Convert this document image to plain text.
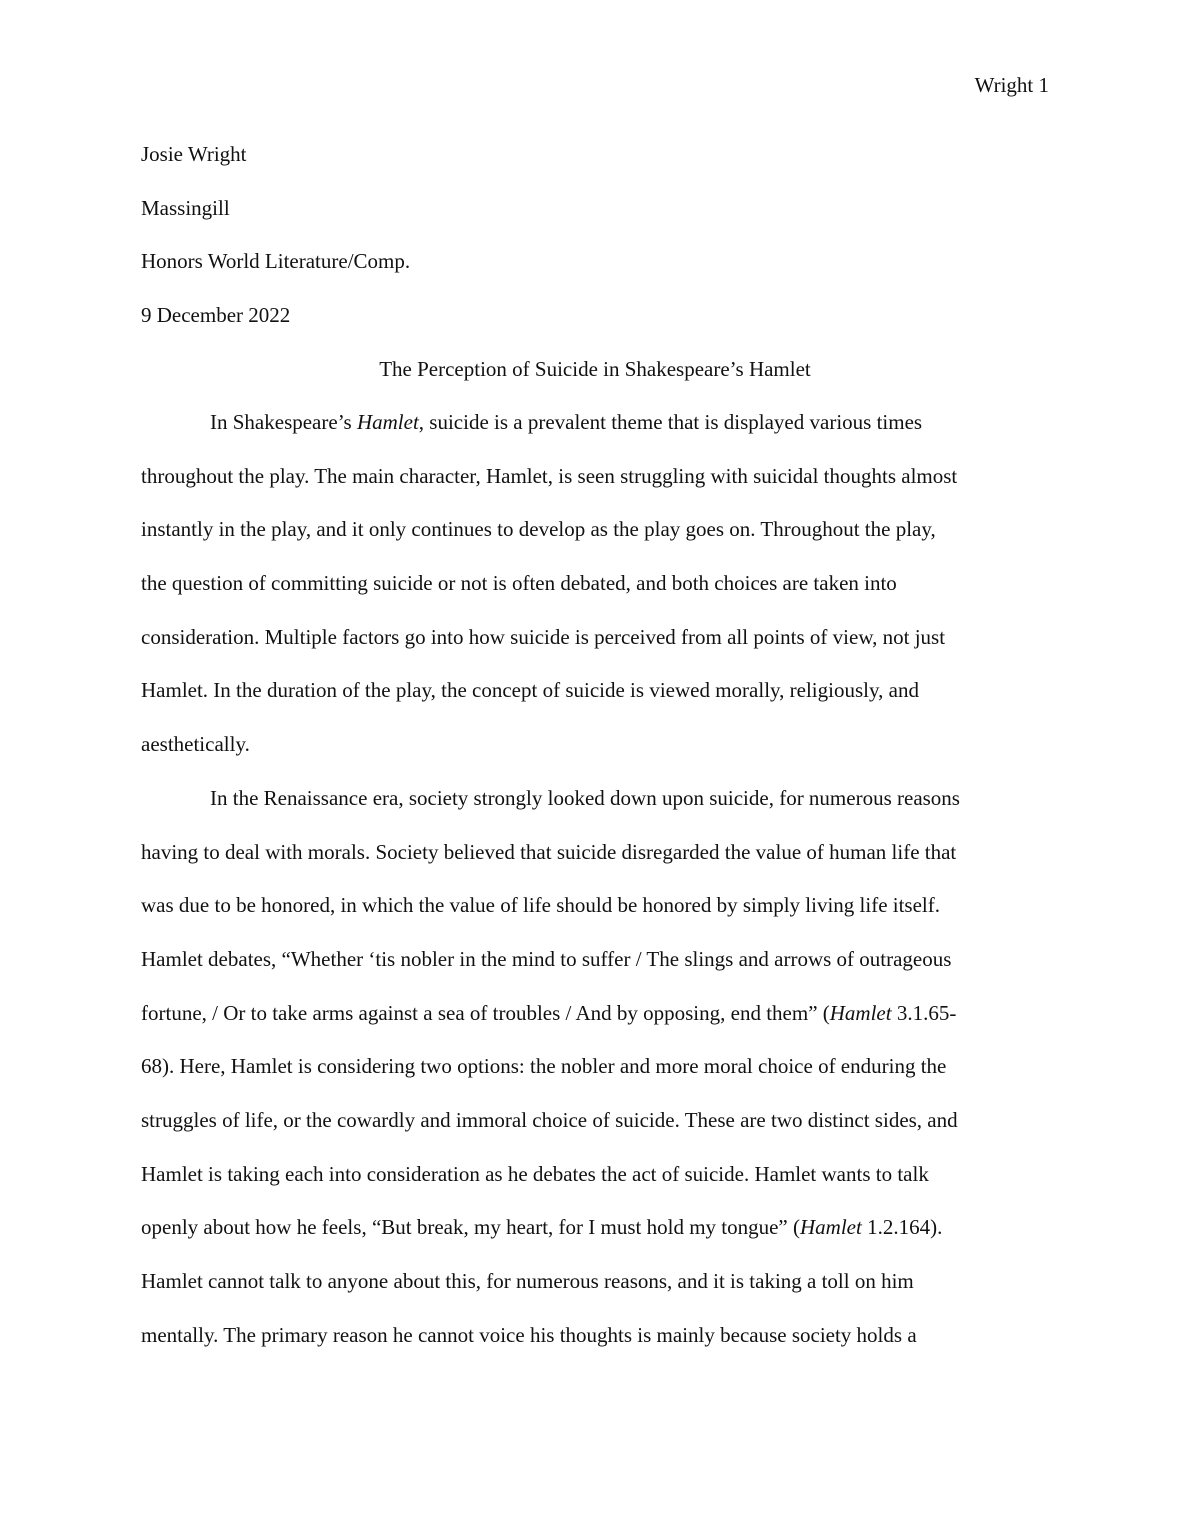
Wright 1
Josie Wright
Massingill
Honors World Literature/Comp.
9 December 2022
The Perception of Suicide in Shakespeare’s Hamlet
In Shakespeare’s Hamlet, suicide is a prevalent theme that is displayed various times
throughout the play. The main character, Hamlet, is seen struggling with suicidal thoughts almost
instantly in the play, and it only continues to develop as the play goes on. Throughout the play,
the question of committing suicide or not is often debated, and both choices are taken into
consideration. Multiple factors go into how suicide is perceived from all points of view, not just
Hamlet. In the duration of the play, the concept of suicide is viewed morally, religiously, and
aesthetically.
In the Renaissance era, society strongly looked down upon suicide, for numerous reasons
having to deal with morals. Society believed that suicide disregarded the value of human life that
was due to be honored, in which the value of life should be honored by simply living life itself.
Hamlet debates, “Whether ‘tis nobler in the mind to suffer / The slings and arrows of outrageous
fortune, / Or to take arms against a sea of troubles / And by opposing, end them” (Hamlet 3.1.65-
68). Here, Hamlet is considering two options: the nobler and more moral choice of enduring the
struggles of life, or the cowardly and immoral choice of suicide. These are two distinct sides, and
Hamlet is taking each into consideration as he debates the act of suicide. Hamlet wants to talk
openly about how he feels, “But break, my heart, for I must hold my tongue” (Hamlet 1.2.164).
Hamlet cannot talk to anyone about this, for numerous reasons, and it is taking a toll on him
mentally. The primary reason he cannot voice his thoughts is mainly because society holds a
